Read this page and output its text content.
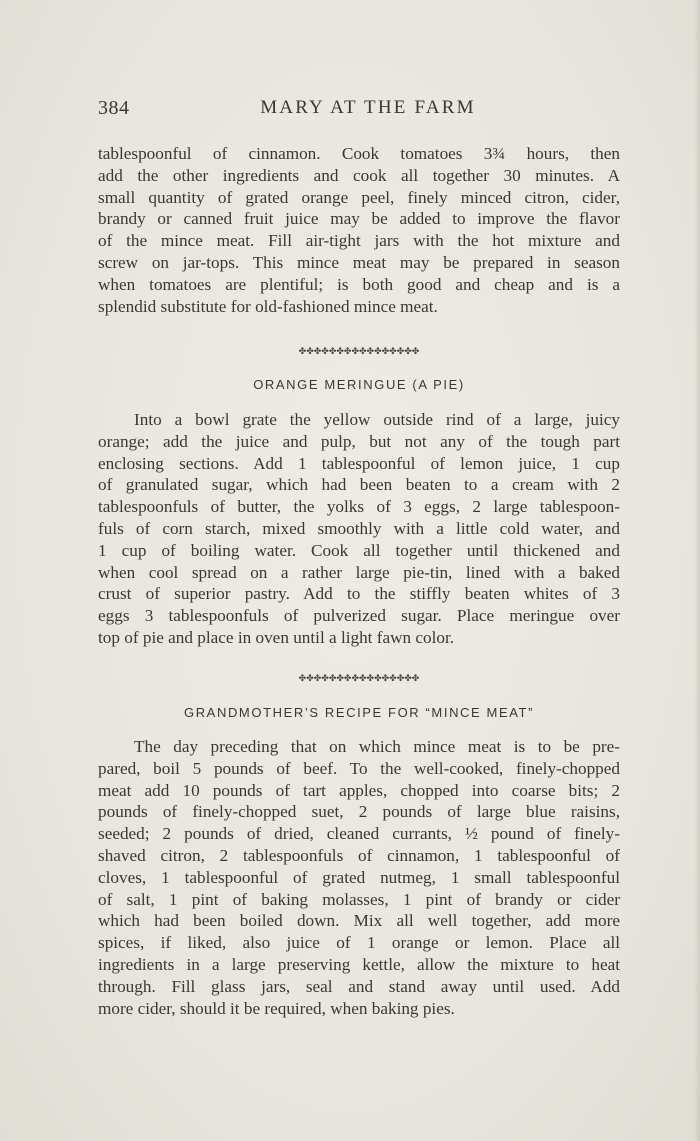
384	MARY AT THE FARM
tablespoonful of cinnamon. Cook tomatoes 3¾ hours, then
add the other ingredients and cook all together 30 minutes. A
small quantity of grated orange peel, finely minced citron, cider,
brandy or canned fruit juice may be added to improve the flavor
of the mince meat. Fill air-tight jars with the hot mixture and
screw on jar-tops. This mince meat may be prepared in season
when tomatoes are plentiful; is both good and cheap and is a
splendid substitute for old-fashioned mince meat.
✤✤✤✤✤✤✤✤✤✤✤✤✤✤✤✤
ORANGE MERINGUE (A PIE)
Into a bowl grate the yellow outside rind of a large, juicy
orange; add the juice and pulp, but not any of the tough part
enclosing sections. Add 1 tablespoonful of lemon juice, 1 cup
of granulated sugar, which had been beaten to a cream with 2
tablespoonfuls of butter, the yolks of 3 eggs, 2 large tablespoon-
fuls of corn starch, mixed smoothly with a little cold water, and
1 cup of boiling water. Cook all together until thickened and
when cool spread on a rather large pie-tin, lined with a baked
crust of superior pastry. Add to the stiffly beaten whites of 3
eggs 3 tablespoonfuls of pulverized sugar. Place meringue over
top of pie and place in oven until a light fawn color.
✤✤✤✤✤✤✤✤✤✤✤✤✤✤✤✤
GRANDMOTHER’S RECIPE FOR “MINCE MEAT”
The day preceding that on which mince meat is to be pre-
pared, boil 5 pounds of beef. To the well-cooked, finely-chopped
meat add 10 pounds of tart apples, chopped into coarse bits; 2
pounds of finely-chopped suet, 2 pounds of large blue raisins,
seeded; 2 pounds of dried, cleaned currants, ½ pound of finely-
shaved citron, 2 tablespoonfuls of cinnamon, 1 tablespoonful of
cloves, 1 tablespoonful of grated nutmeg, 1 small tablespoonful
of salt, 1 pint of baking molasses, 1 pint of brandy or cider
which had been boiled down. Mix all well together, add more
spices, if liked, also juice of 1 orange or lemon. Place all
ingredients in a large preserving kettle, allow the mixture to heat
through. Fill glass jars, seal and stand away until used. Add
more cider, should it be required, when baking pies.
